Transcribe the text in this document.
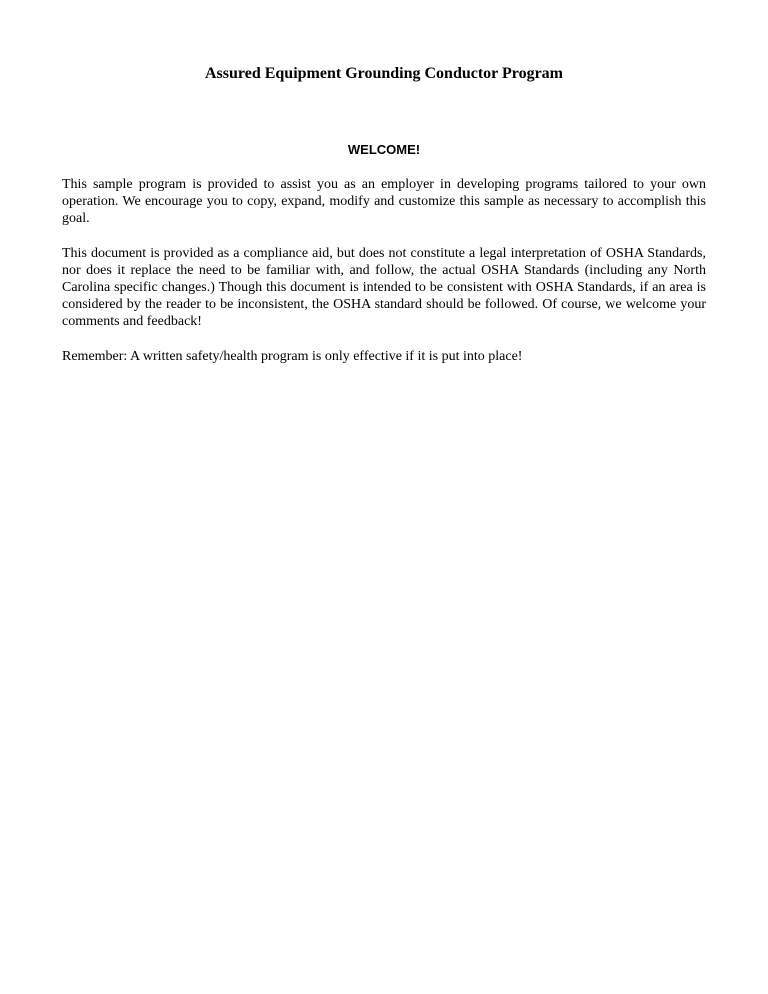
Assured Equipment Grounding Conductor Program
WELCOME!

This sample program is provided to assist you as an employer in developing programs tailored to your own operation. We encourage you to copy, expand, modify and customize this sample as necessary to accomplish this goal.

This document is provided as a compliance aid, but does not constitute a legal interpretation of OSHA Standards, nor does it replace the need to be familiar with, and follow, the actual OSHA Standards (including any North Carolina specific changes.) Though this document is intended to be consistent with OSHA Standards, if an area is considered by the reader to be inconsistent, the OSHA standard should be followed. Of course, we welcome your comments and feedback!

Remember: A written safety/health program is only effective if it is put into place!
